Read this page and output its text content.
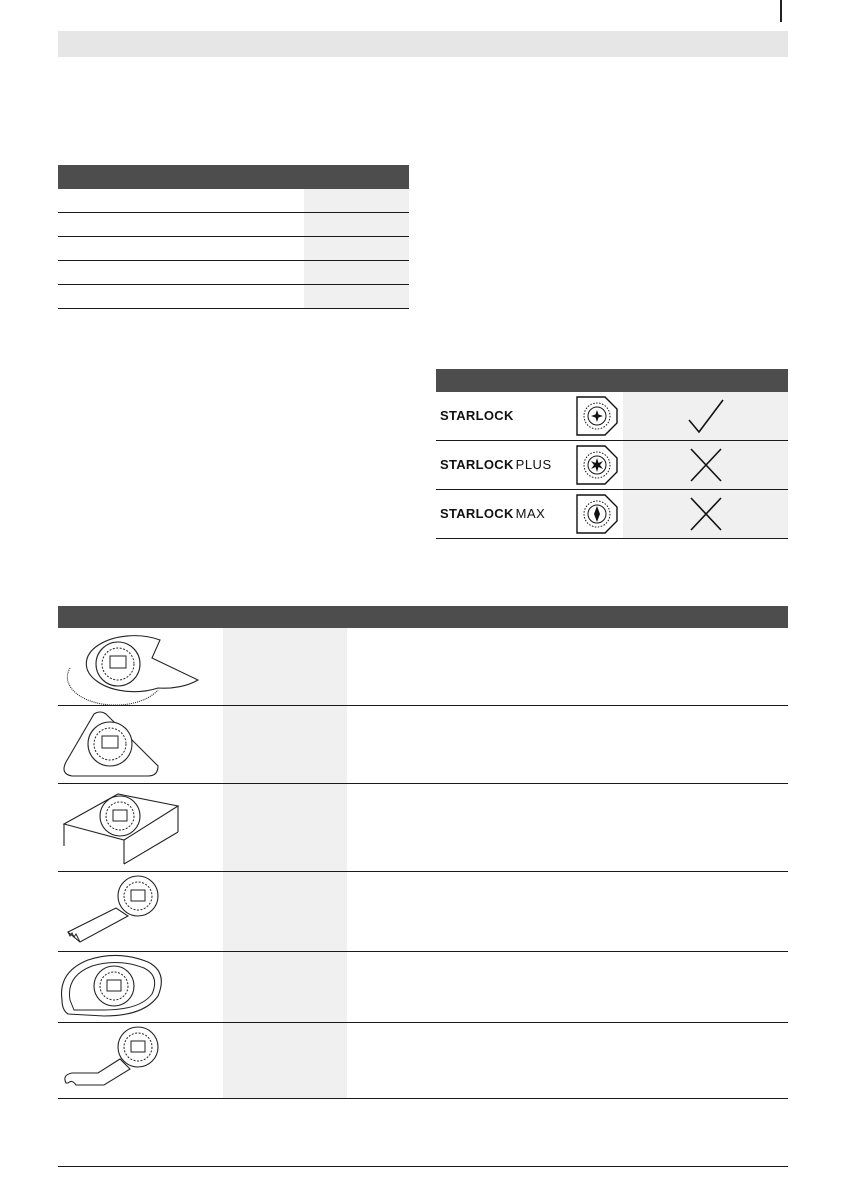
STARLOCK
STARLOCK PLUS
STARLOCK MAX
